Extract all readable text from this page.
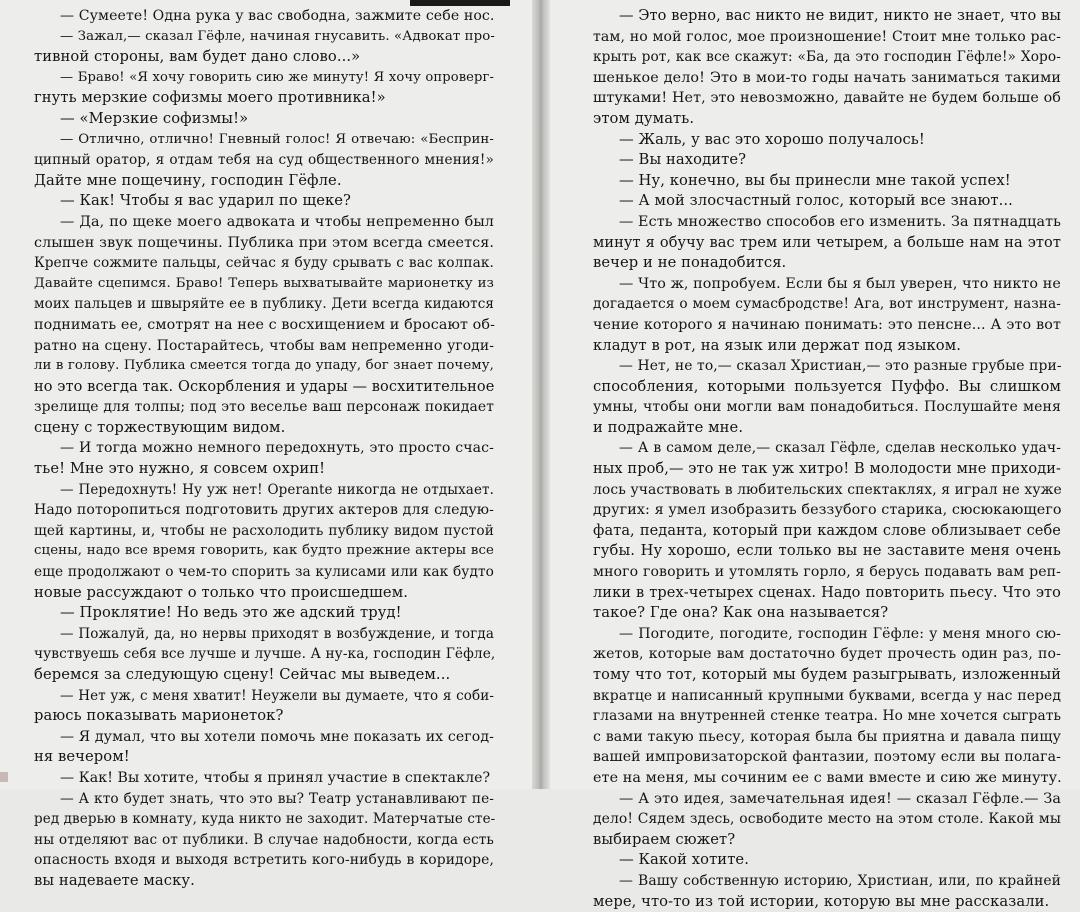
— Сумеете! Одна рука у вас свободна, зажмите себе нос.
— Зажал,— сказал Гёфле, начиная гнусавить. «Адвокат про-
тивной стороны, вам будет дано слово...»
— Браво! «Я хочу говорить сию же минуту! Я хочу опроверг-
гнуть мерзкие софизмы моего противника!»
— «Мерзкие софизмы!»
— Отлично, отлично! Гневный голос! Я отвечаю: «Бесприн-
ципный оратор, я отдам тебя на суд общественного мнения!»
Дайте мне пощечину, господин Гёфле.
— Как! Чтобы я вас ударил по щеке?
— Да, по щеке моего адвоката и чтобы непременно был
слышен звук пощечины. Публика при этом всегда смеется.
Крепче сожмите пальцы, сейчас я буду срывать с вас колпак.
Давайте сцепимся. Браво! Теперь выхватывайте марионетку из
моих пальцев и швыряйте ее в публику. Дети всегда кидаются
поднимать ее, смотрят на нее с восхищением и бросают об-
ратно на сцену. Постарайтесь, чтобы вам непременно угоди-
ли в голову. Публика смеется тогда до упаду, бог знает почему,
но это всегда так. Оскорбления и удары — восхитительное
зрелище для толпы; под это веселье ваш персонаж покидает
сцену с торжествующим видом.
— И тогда можно немного передохнуть, это просто счас-
тье! Мне это нужно, я совсем охрип!
— Передохнуть! Ну уж нет! Operante никогда не отдыхает.
Надо поторопиться подготовить других актеров для следую-
щей картины, и, чтобы не расхолодить публику видом пустой
сцены, надо все время говорить, как будто прежние актеры все
еще продолжают о чем-то спорить за кулисами или как будто
новые рассуждают о только что происшедшем.
— Проклятие! Но ведь это же адский труд!
— Пожалуй, да, но нервы приходят в возбуждение, и тогда
чувствуешь себя все лучше и лучше. А ну-ка, господин Гёфле,
беремся за следующую сцену! Сейчас мы выведем...
— Нет уж, с меня хватит! Неужели вы думаете, что я соби-
раюсь показывать марионеток?
— Я думал, что вы хотели помочь мне показать их сегод-
ня вечером!
— Как! Вы хотите, чтобы я принял участие в спектакле?
— А кто будет знать, что это вы? Театр устанавливают пе-
ред дверью в комнату, куда никто не заходит. Матерчатые сте-
ны отделяют вас от публики. В случае надобности, когда есть
опасность входя и выходя встретить кого-нибудь в коридоре,
вы надеваете маску.
— Это верно, вас никто не видит, никто не знает, что вы
там, но мой голос, мое произношение! Стоит мне только рас-
крыть рот, как все скажут: «Ба, да это господин Гёфле!» Хоро-
шенькое дело! Это в мои-то годы начать заниматься такими
штуками! Нет, это невозможно, давайте не будем больше об
этом думать.
— Жаль, у вас это хорошо получалось!
— Вы находите?
— Ну, конечно, вы бы принесли мне такой успех!
— А мой злосчастный голос, который все знают...
— Есть множество способов его изменить. За пятнадцать
минут я обучу вас трем или четырем, а больше нам на этот
вечер и не понадобится.
— Что ж, попробуем. Если бы я был уверен, что никто не
догадается о моем сумасбродстве! Ага, вот инструмент, назна-
чение которого я начинаю понимать: это пенсне... А это вот
кладут в рот, на язык или держат под языком.
— Нет, не то,— сказал Христиан,— это разные грубые при-
способления, которыми пользуется Пуффо. Вы слишком
умны, чтобы они могли вам понадобиться. Послушайте меня
и подражайте мне.
— А в самом деле,— сказал Гёфле, сделав несколько удач-
ных проб,— это не так уж хитро! В молодости мне приходи-
лось участвовать в любительских спектаклях, я играл не хуже
других: я умел изобразить беззубого старика, сюсюкающего
фата, педанта, который при каждом слове облизывает себе
губы. Ну хорошо, если только вы не заставите меня очень
много говорить и утомлять горло, я берусь подавать вам реп-
лики в трех-четырех сценах. Надо повторить пьесу. Что это
такое? Где она? Как она называется?
— Погодите, погодите, господин Гёфле: у меня много сю-
жетов, которые вам достаточно будет прочесть один раз, по-
тому что тот, который мы будем разыгрывать, изложенный
вкратце и написанный крупными буквами, всегда у нас перед
глазами на внутренней стенке театра. Но мне хочется сыграть
с вами такую пьесу, которая была бы приятна и давала пищу
вашей импровизаторской фантазии, поэтому если вы полага-
ете на меня, мы сочиним ее с вами вместе и сию же минуту.
— А это идея, замечательная идея! — сказал Гёфле.— За
дело! Сядем здесь, освободите место на этом столе. Какой мы
выбираем сюжет?
— Какой хотите.
— Вашу собственную историю, Христиан, или, по крайней
мере, что-то из той истории, которую вы мне рассказали.
